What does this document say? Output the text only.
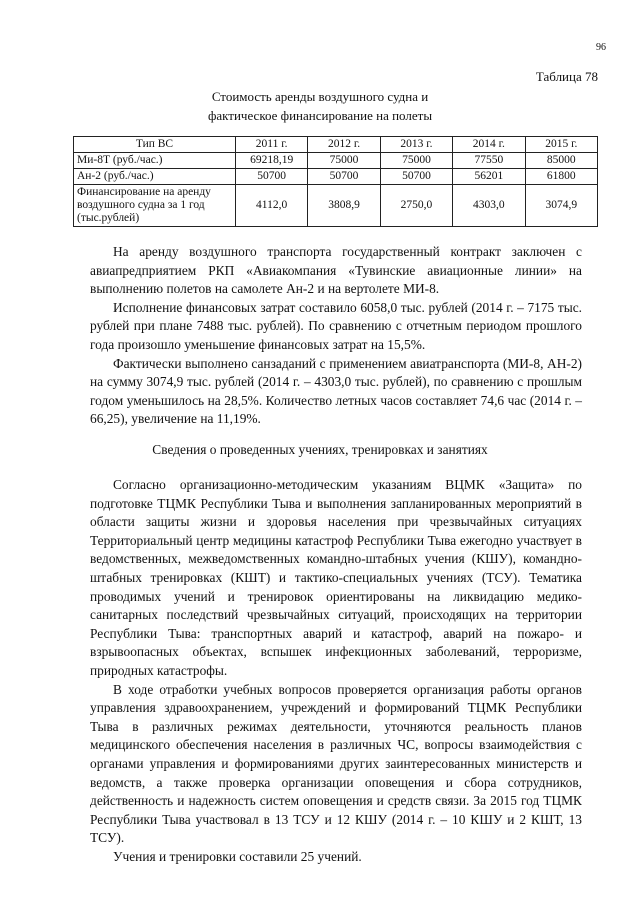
96
Таблица 78
Стоимость аренды воздушного судна и
фактическое финансирование на полеты
Тип ВС	2011 г.	2012 г.	2013 г.	2014 г.	2015 г.
Ми-8Т (руб./час.)	69218,19	75000	75000	77550	85000
Ан-2 (руб./час.)	50700	50700	50700	56201	61800
Финансирование на аренду воздушного судна за 1 год (тыс.рублей)	4112,0	3808,9	2750,0	4303,0	3074,9

На аренду воздушного транспорта государственный контракт заключен с авиапредприятием РКП «Авиакомпания «Тувинские авиационные линии» на выполнению полетов на самолете Ан-2 и на вертолете МИ-8.

Исполнение финансовых затрат составило 6058,0 тыс. рублей (2014 г. – 7175 тыс. рублей при плане 7488 тыс. рублей). По сравнению с отчетным периодом прошлого года произошло уменьшение финансовых затрат на 15,5%.

Фактически выполнено санзаданий с применением авиатранспорта (МИ-8, АН-2) на сумму 3074,9 тыс. рублей (2014 г. – 4303,0 тыс. рублей), по сравнению с прошлым годом уменьшилось на 28,5%. Количество летных часов составляет 74,6 час (2014 г. – 66,25), увеличение на 11,19%.

Сведения о проведенных учениях, тренировках и занятиях

Согласно организационно-методическим указаниям ВЦМК «Защита» по подготовке ТЦМК Республики Тыва и выполнения запланированных мероприятий в области защиты жизни и здоровья населения при чрезвычайных ситуациях Территориальный центр медицины катастроф Республики Тыва ежегодно участвует в ведомственных, межведомственных командно-штабных учения (КШУ), командно-штабных тренировках (КШТ) и тактико-специальных учениях (ТСУ). Тематика проводимых учений и тренировок ориентированы на ликвидацию медико-санитарных последствий чрезвычайных ситуаций, происходящих на территории Республики Тыва: транспортных аварий и катастроф, аварий на пожаро- и взрывоопасных объектах, вспышек инфекционных заболеваний, терроризме, природных катастрофы.

В ходе отработки учебных вопросов проверяется организация работы органов управления здравоохранением, учреждений и формирований ТЦМК Республики Тыва в различных режимах деятельности, уточняются реальность планов медицинского обеспечения населения в различных ЧС, вопросы взаимодействия с органами управления и формированиями других заинтересованных министерств и ведомств, а также проверка организации оповещения и сбора сотрудников, действенность и надежность систем оповещения и средств связи. За 2015 год ТЦМК Республики Тыва участвовал в 13 ТСУ и 12 КШУ (2014 г. – 10 КШУ и 2 КШТ, 13 ТСУ).

Учения и тренировки составили 25 учений.
